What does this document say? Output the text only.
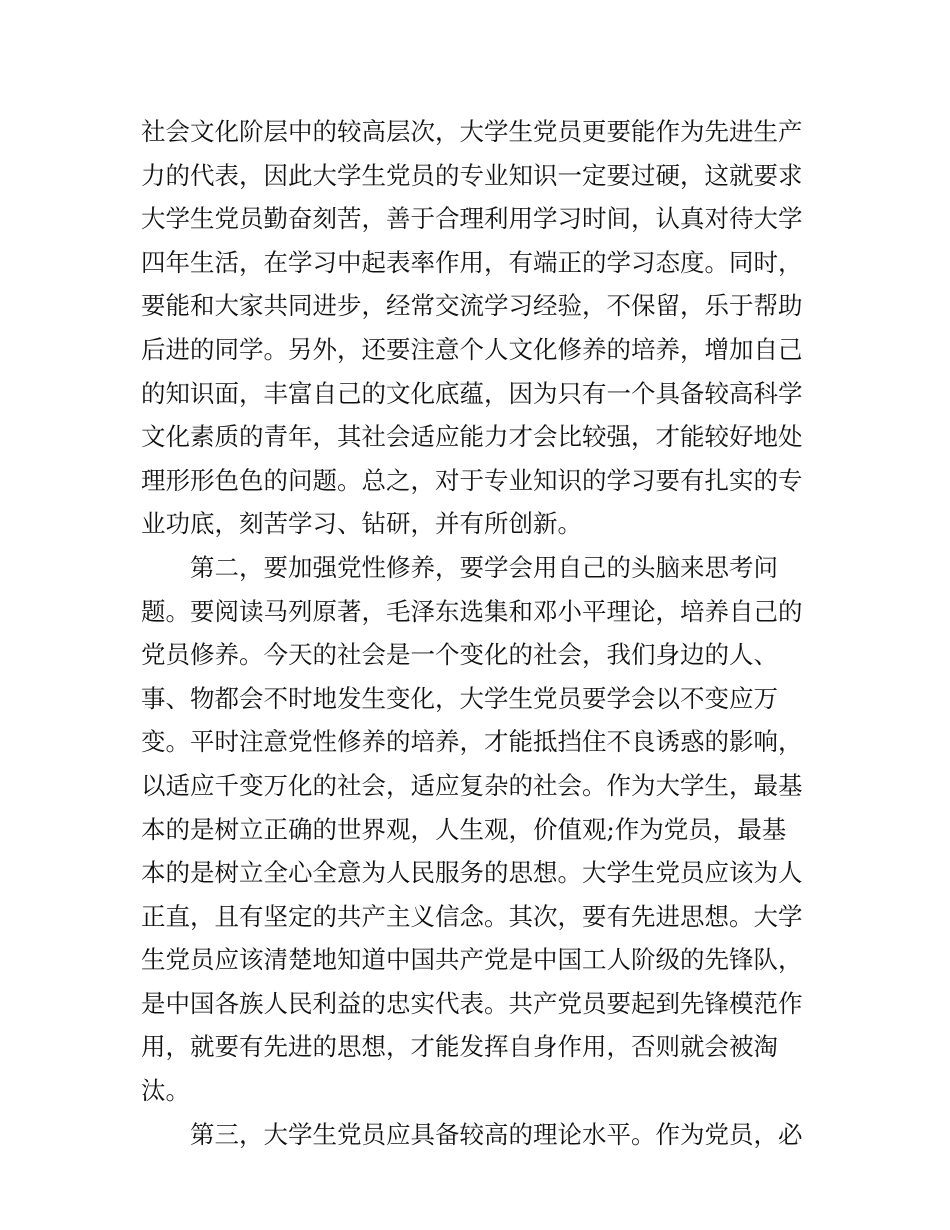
社会文化阶层中的较高层次，大学生党员更要能作为先进生产
力的代表，因此大学生党员的专业知识一定要过硬，这就要求
大学生党员勤奋刻苦，善于合理利用学习时间，认真对待大学
四年生活，在学习中起表率作用，有端正的学习态度。同时，
要能和大家共同进步，经常交流学习经验，不保留，乐于帮助
后进的同学。另外，还要注意个人文化修养的培养，增加自己
的知识面，丰富自己的文化底蕴，因为只有一个具备较高科学
文化素质的青年，其社会适应能力才会比较强，才能较好地处
理形形色色的问题。总之，对于专业知识的学习要有扎实的专
业功底，刻苦学习、钻研，并有所创新。
第二，要加强党性修养，要学会用自己的头脑来思考问
题。要阅读马列原著，毛泽东选集和邓小平理论，培养自己的
党员修养。今天的社会是一个变化的社会，我们身边的人、
事、物都会不时地发生变化，大学生党员要学会以不变应万
变。平时注意党性修养的培养，才能抵挡住不良诱惑的影响，
以适应千变万化的社会，适应复杂的社会。作为大学生，最基
本的是树立正确的世界观，人生观，价值观;作为党员，最基
本的是树立全心全意为人民服务的思想。大学生党员应该为人
正直，且有坚定的共产主义信念。其次，要有先进思想。大学
生党员应该清楚地知道中国共产党是中国工人阶级的先锋队，
是中国各族人民利益的忠实代表。共产党员要起到先锋模范作
用，就要有先进的思想，才能发挥自身作用，否则就会被淘
汰。
第三，大学生党员应具备较高的理论水平。作为党员，必
